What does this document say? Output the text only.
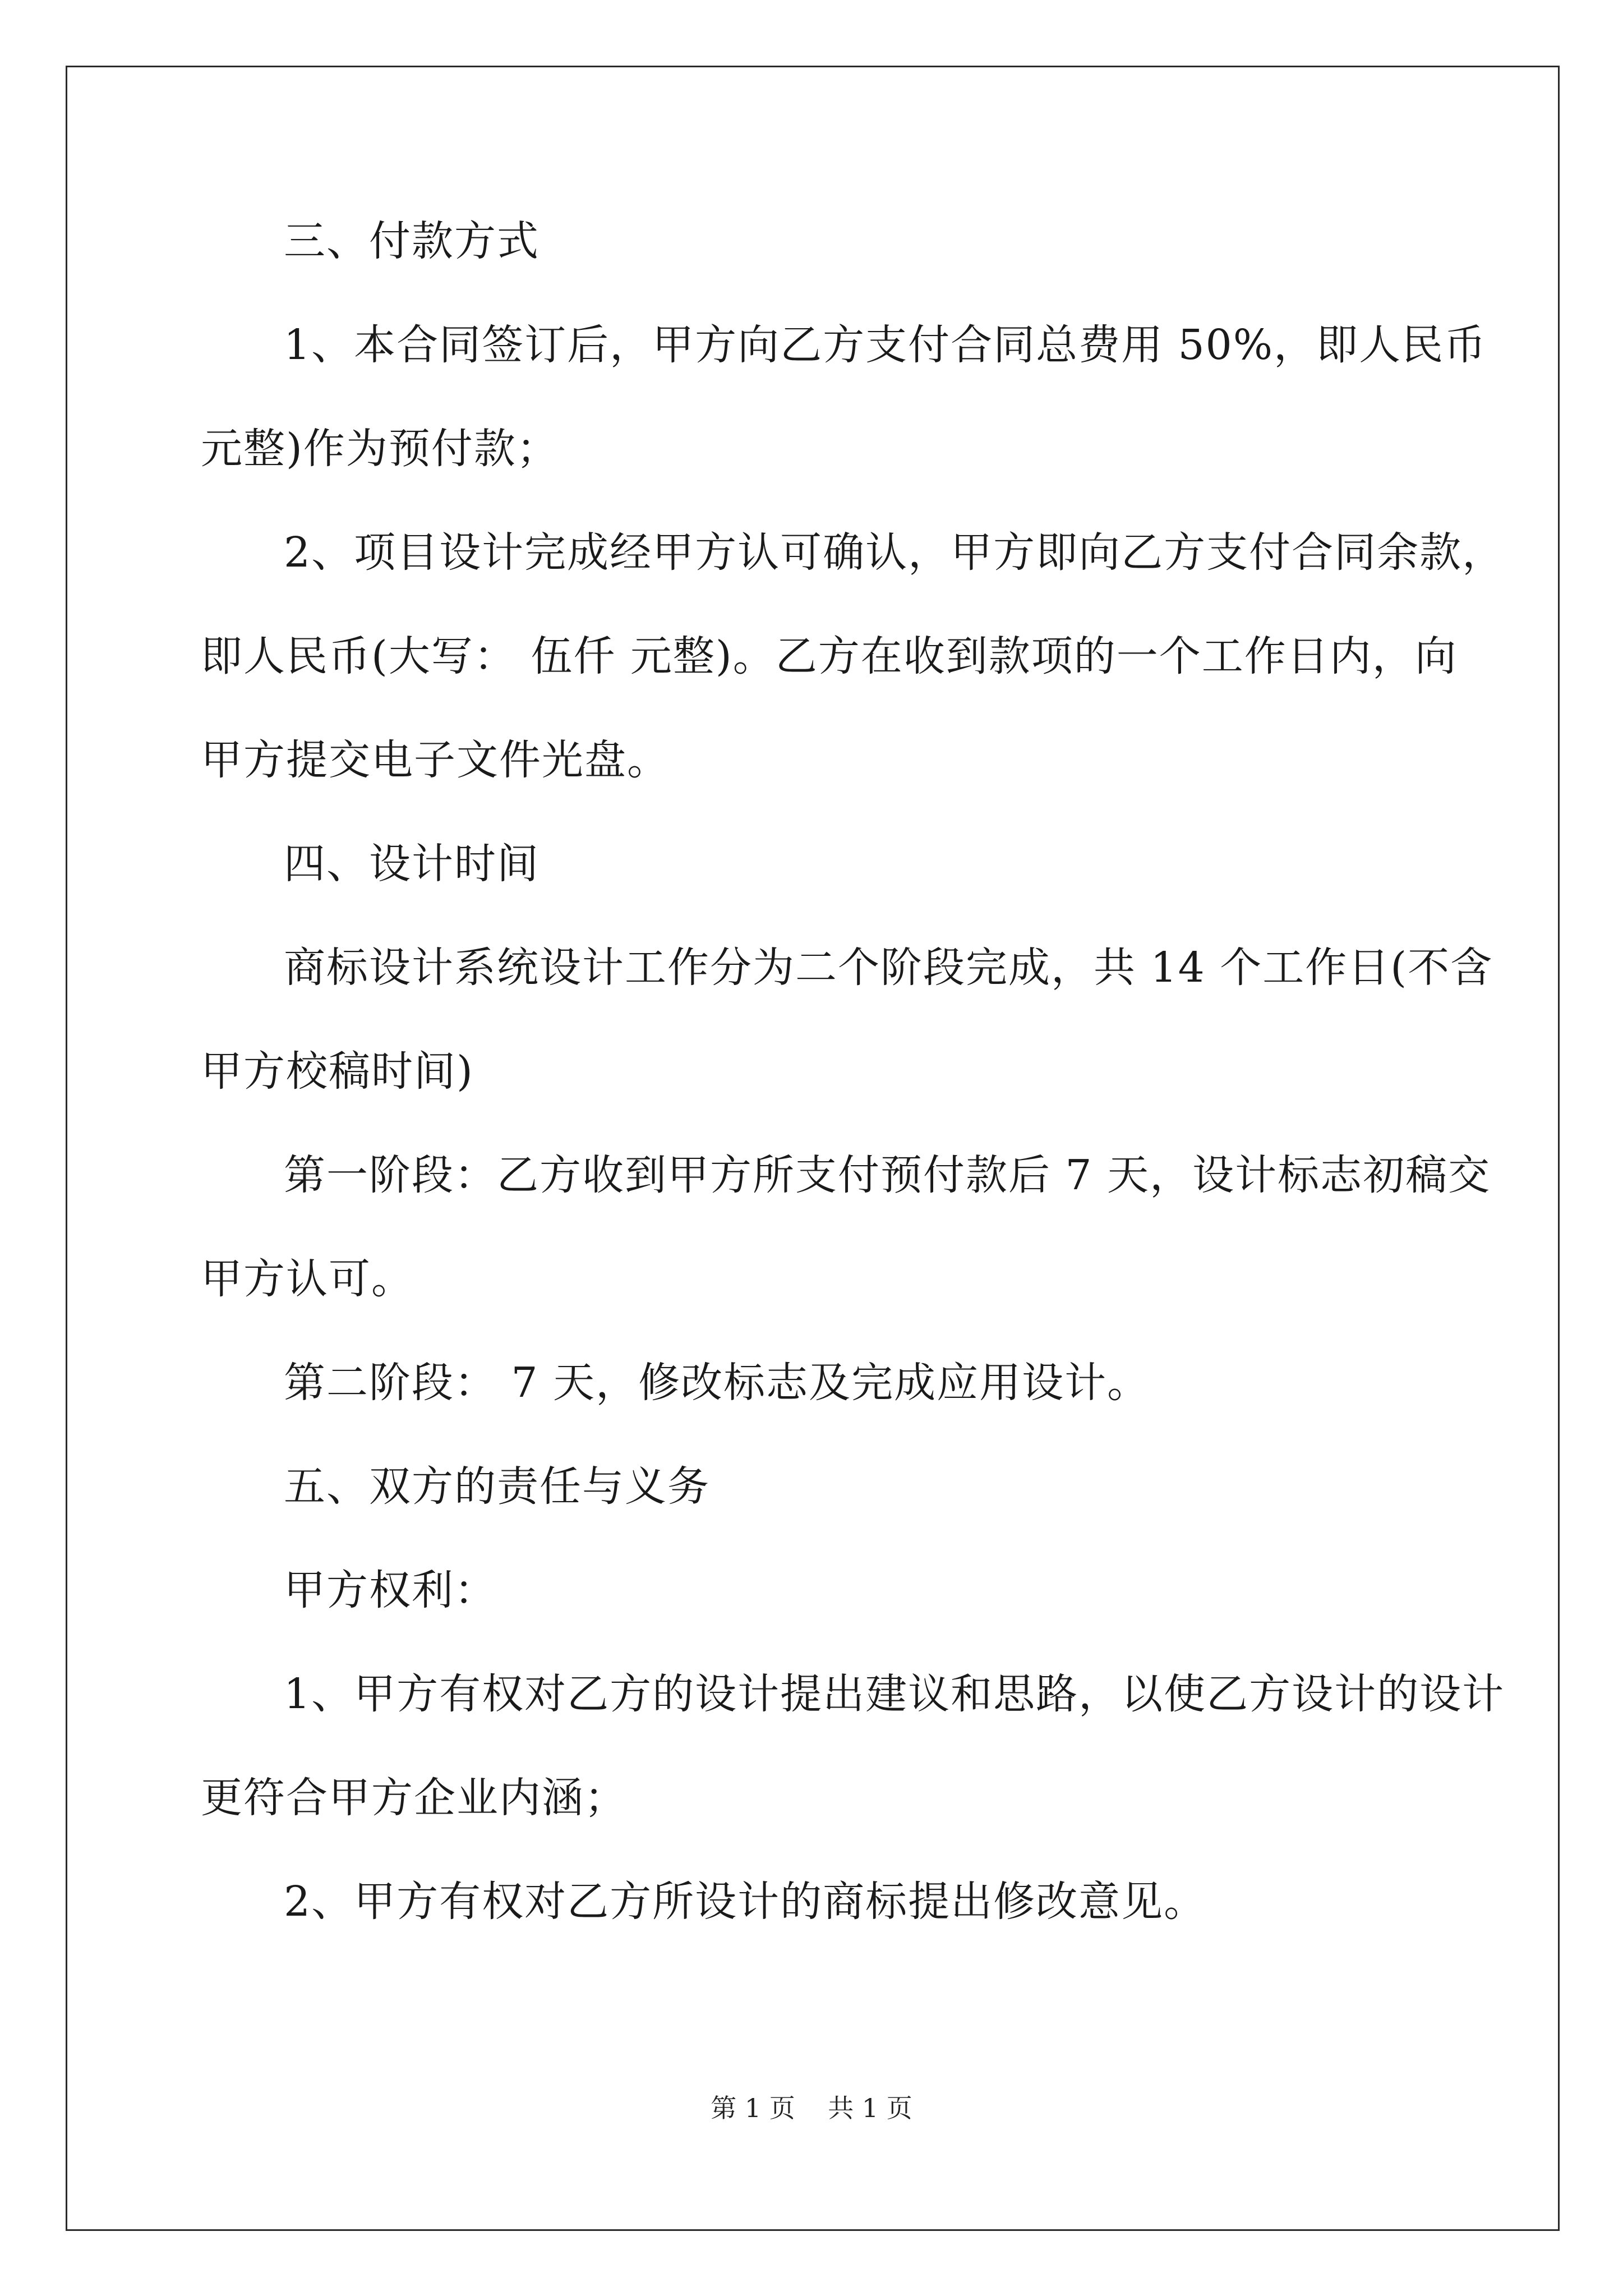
三、付款方式
1、本合同签订后，甲方向乙方支付合同总费用 50%，即人民币
元整)作为预付款；
2、项目设计完成经甲方认可确认，甲方即向乙方支付合同余款，
即人民币(大写： 伍仟 元整)。乙方在收到款项的一个工作日内，向
甲方提交电子文件光盘。
四、设计时间
商标设计系统设计工作分为二个阶段完成，共 14 个工作日(不含
甲方校稿时间)
第一阶段：乙方收到甲方所支付预付款后 7 天，设计标志初稿交
甲方认可。
第二阶段： 7 天，修改标志及完成应用设计。
五、双方的责任与义务
甲方权利：
1、甲方有权对乙方的设计提出建议和思路，以使乙方设计的设计
更符合甲方企业内涵；
2、甲方有权对乙方所设计的商标提出修改意见。
第 1 页    共 1 页
